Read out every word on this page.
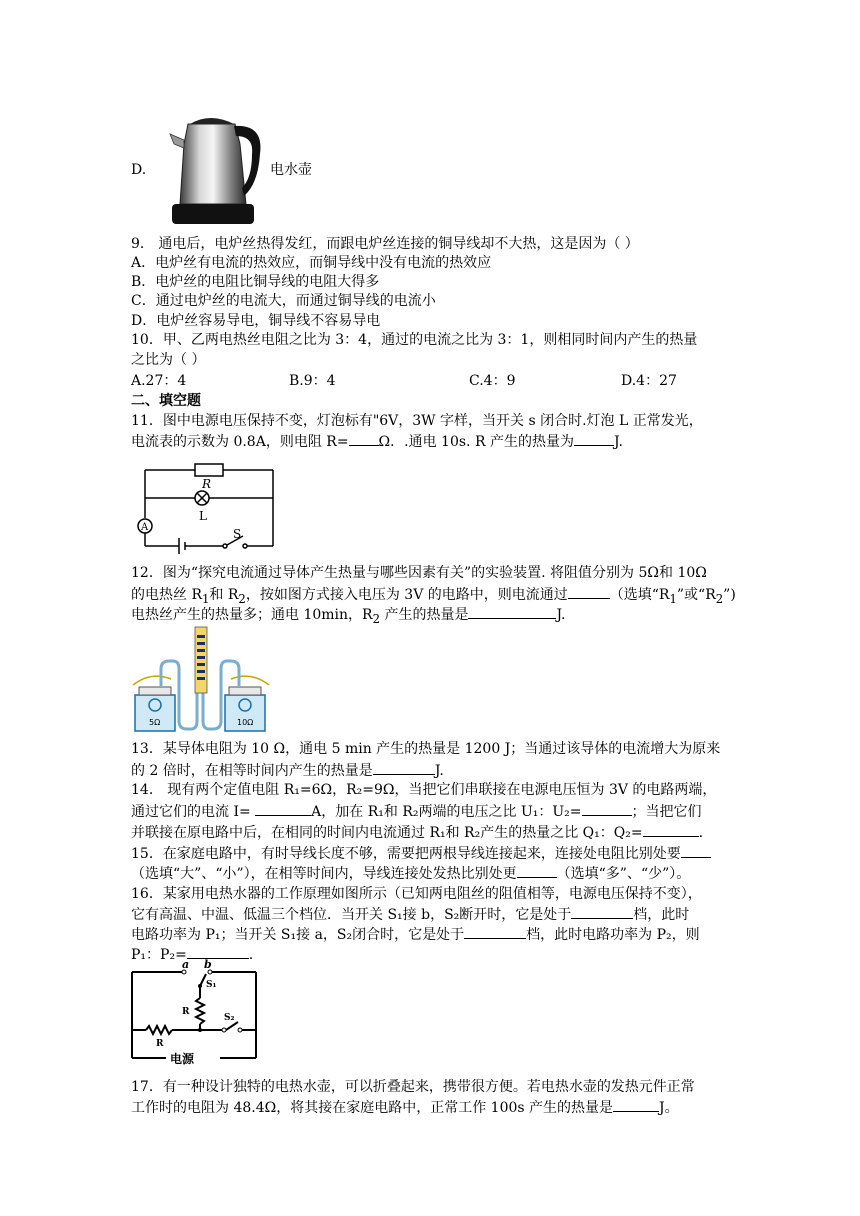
D.	电水壶
9． 通电后，电炉丝热得发红，而跟电炉丝连接的铜导线却不大热，这是因为（ ）
A．电炉丝有电流的热效应，而铜导线中没有电流的热效应
B．电炉丝的电阻比铜导线的电阻大得多
C．通过电炉丝的电流大，而通过铜导线的电流小
D．电炉丝容易导电，铜导线不容易导电
10．甲、乙两电热丝电阻之比为 3：4，通过的电流之比为 3：1，则相同时间内产生的热量
之比为（ ）
A.27：4	B.9：4	C.4：9	D.4：27
二、填空题
11．图中电源电压保持不变，灯泡标有"6V，3W 字样，当开关 s 闭合时.灯泡 L 正常发光，
电流表的示数为 0.8A，则电阻 R= Ω．.通电 10s. R 产生的热量为	J.
R
L
A	S
12．图为“探究电流通过导体产生热量与哪些因素有关”的实验装置. 将阻值分别为 5Ω和 10Ω
的电热丝 $R_1$和 $R_2$，按如图方式接入电压为 3V 的电路中，则电流通过	（选填“$R_1$”或“$R_2$”)
电热丝产生的热量多；通电 10min，$R_2$ 产生的热量是	J.
5Ω	10Ω
13．某导体电阻为 10 Ω，通电 5 min 产生的热量是 1200 J；当通过该导体的电流增大为原来
的 2 倍时，在相等时间内产生的热量是	J.
14． 现有两个定值电阻 R₁=6Ω，R₂=9Ω，当把它们串联接在电源电压恒为 3V 的电路两端，
通过它们的电流 I=	A，加在 R₁和 R₂两端的电压之比 U₁：U₂=	；当把它们
并联接在原电路中后，在相同的时间内电流通过 R₁和 R₂产生的热量之比 Q₁：Q₂=	.
15．在家庭电路中，有时导线长度不够，需要把两根导线连接起来，连接处电阻比别处要
（选填“大”、“小”），在相等时间内，导线连接处发热比别处更	（选填“多”、“少”）。
16．某家用电热水器的工作原理如图所示（已知两电阻丝的阻值相等，电源电压保持不变），
它有高温、中温、低温三个档位．当开关 S₁接 b，S₂断开时，它是处于	档，此时
电路功率为 P₁；当开关 S₁接 a，S₂闭合时，它是处于	档，此时电路功率为 P₂，则
P₁：P₂=	.
a b
S₁
R
S₂
R
电源
17．有一种设计独特的电热水壶，可以折叠起来，携带很方便。若电热水壶的发热元件正常
工作时的电阻为 48.4Ω，将其接在家庭电路中，正常工作 100s 产生的热量是	J。
